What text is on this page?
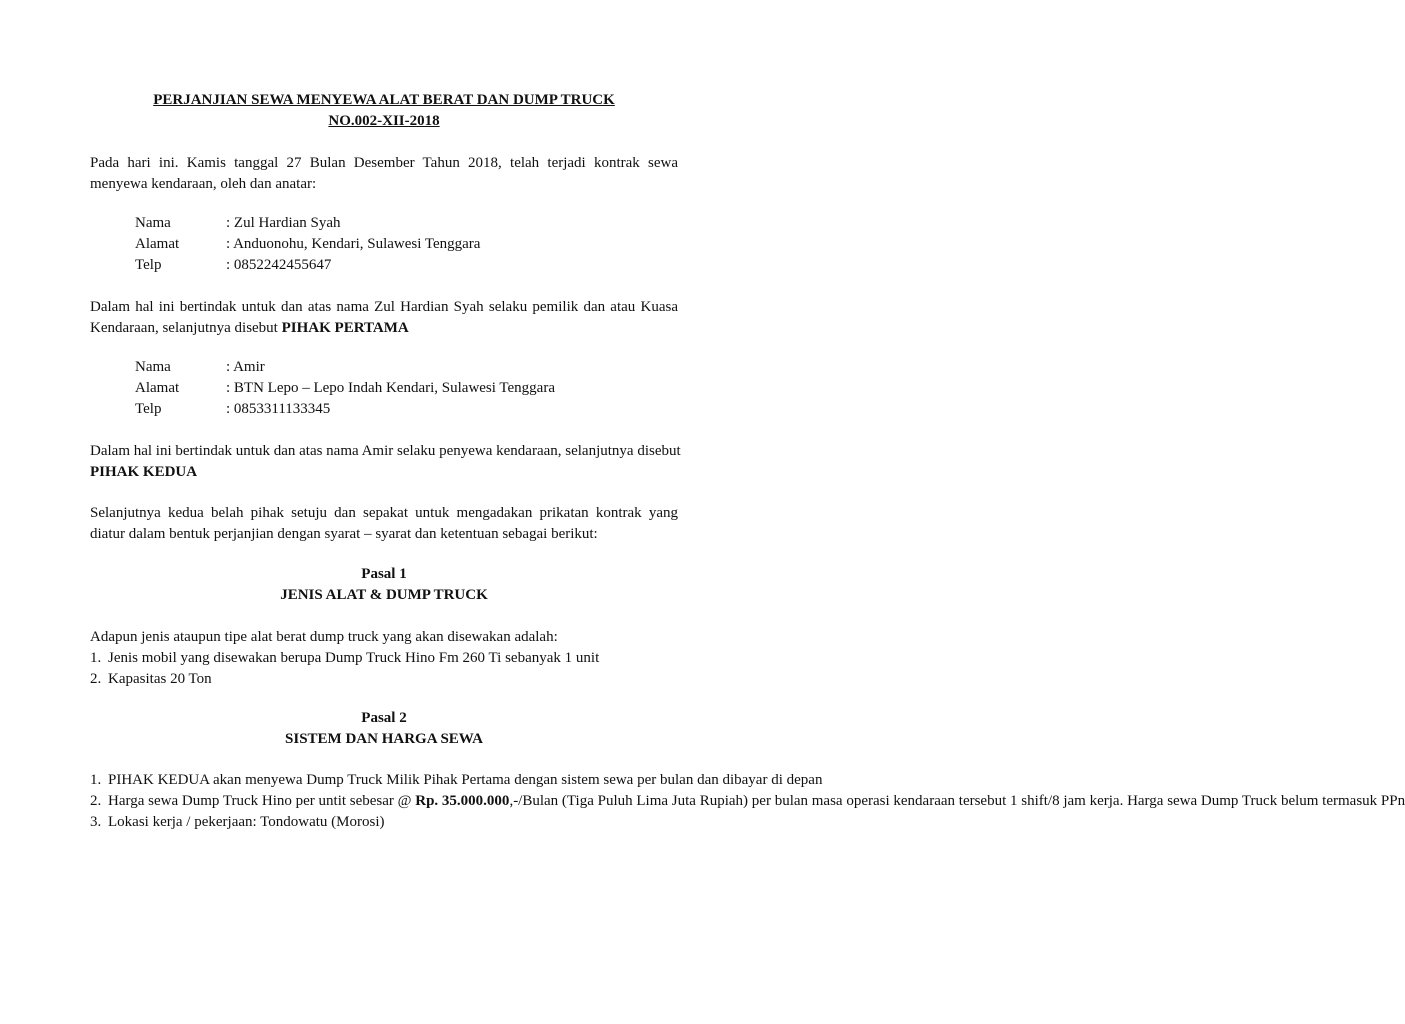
PERJANJIAN SEWA MENYEWA ALAT BERAT DAN DUMP TRUCK
NO.002-XII-2018
Pada hari ini. Kamis tanggal 27 Bulan Desember Tahun 2018, telah terjadi kontrak sewa menyewa kendaraan, oleh dan anatar:
Nama	: Zul Hardian Syah
Alamat	: Anduonohu, Kendari, Sulawesi Tenggara
Telp	: 0852242455647
Dalam hal ini bertindak untuk dan atas nama Zul Hardian Syah selaku pemilik dan atau Kuasa Kendaraan, selanjutnya disebut PIHAK PERTAMA
Nama	: Amir
Alamat	: BTN Lepo – Lepo Indah Kendari, Sulawesi Tenggara
Telp	: 0853311133345
Dalam hal ini bertindak untuk dan atas nama Amir selaku penyewa kendaraan, selanjutnya disebut PIHAK KEDUA
Selanjutnya kedua belah pihak setuju dan sepakat untuk mengadakan prikatan kontrak yang diatur dalam bentuk perjanjian dengan syarat – syarat dan ketentuan sebagai berikut:
Pasal 1
JENIS ALAT & DUMP TRUCK
Adapun jenis ataupun tipe alat berat dump truck yang akan disewakan adalah:
1. Jenis mobil yang disewakan berupa Dump Truck Hino Fm 260 Ti sebanyak 1 unit
2. Kapasitas 20 Ton
Pasal 2
SISTEM DAN HARGA SEWA
1. PIHAK KEDUA akan menyewa Dump Truck Milik Pihak Pertama dengan sistem sewa per bulan dan dibayar di depan
2. Harga sewa Dump Truck Hino per untit sebesar @ Rp. 35.000.000,-/Bulan (Tiga Puluh Lima Juta Rupiah) per bulan masa operasi kendaraan tersebut 1 shift/8 jam kerja. Harga sewa Dump Truck belum termasuk PPn
3. Lokasi kerja / pekerjaan: Tondowatu (Morosi)
